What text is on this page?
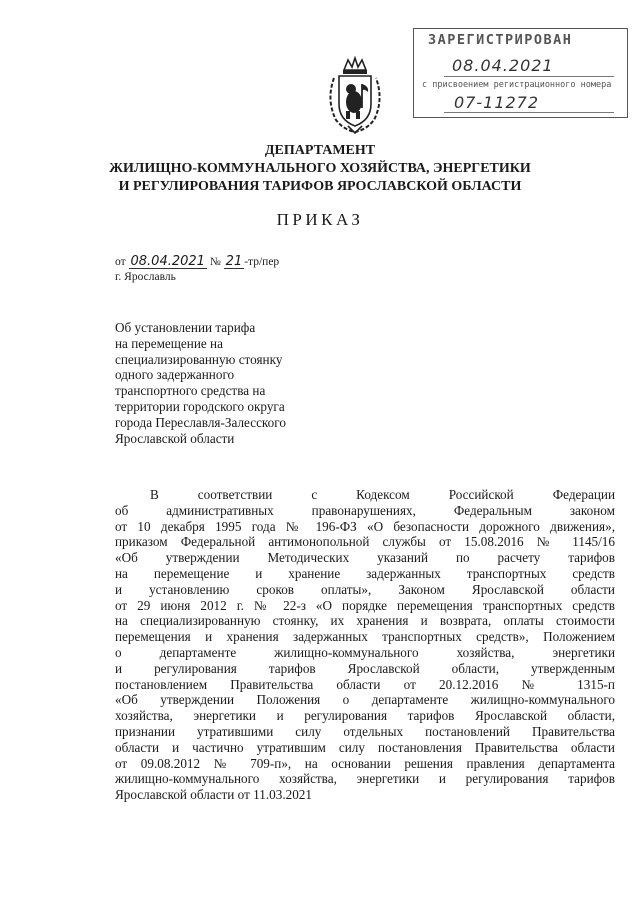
ЗАРЕГИСТРИРОВАН
08.04.2021
с присвоением регистрационного номера
07-11272
ДЕПАРТАМЕНТ
ЖИЛИЩНО-КОММУНАЛЬНОГО ХОЗЯЙСТВА, ЭНЕРГЕТИКИ
И РЕГУЛИРОВАНИЯ ТАРИФОВ ЯРОСЛАВСКОЙ ОБЛАСТИ
ПРИКАЗ
от 08.04.2021 № 21 -тр/пер
г. Ярославль
Об установлении тарифа
на перемещение на
специализированную стоянку
одного задержанного
транспортного средства на
территории городского округа
города Переславля-Залесского
Ярославской области
В соответствии с Кодексом Российской Федерации
об административных правонарушениях, Федеральным законом
от 10 декабря 1995 года № 196-ФЗ «О безопасности дорожного движения»,
приказом Федеральной антимонопольной службы от 15.08.2016 № 1145/16
«Об утверждении Методических указаний по расчету тарифов
на перемещение и хранение задержанных транспортных средств
и установлению сроков оплаты», Законом Ярославской области
от 29 июня 2012 г. № 22-з «О порядке перемещения транспортных средств
на специализированную стоянку, их хранения и возврата, оплаты стоимости
перемещения и хранения задержанных транспортных средств», Положением
о департаменте жилищно-коммунального хозяйства, энергетики
и регулирования тарифов Ярославской области, утвержденным
постановлением Правительства области от 20.12.2016 № 1315-п
«Об утверждении Положения о департаменте жилищно-коммунального
хозяйства, энергетики и регулирования тарифов Ярославской области,
признании утратившими силу отдельных постановлений Правительства
области и частично утратившим силу постановления Правительства области
от 09.08.2012 № 709-п», на основании решения правления департамента
жилищно-коммунального хозяйства, энергетики и регулирования тарифов
Ярославской области от 11.03.2021
